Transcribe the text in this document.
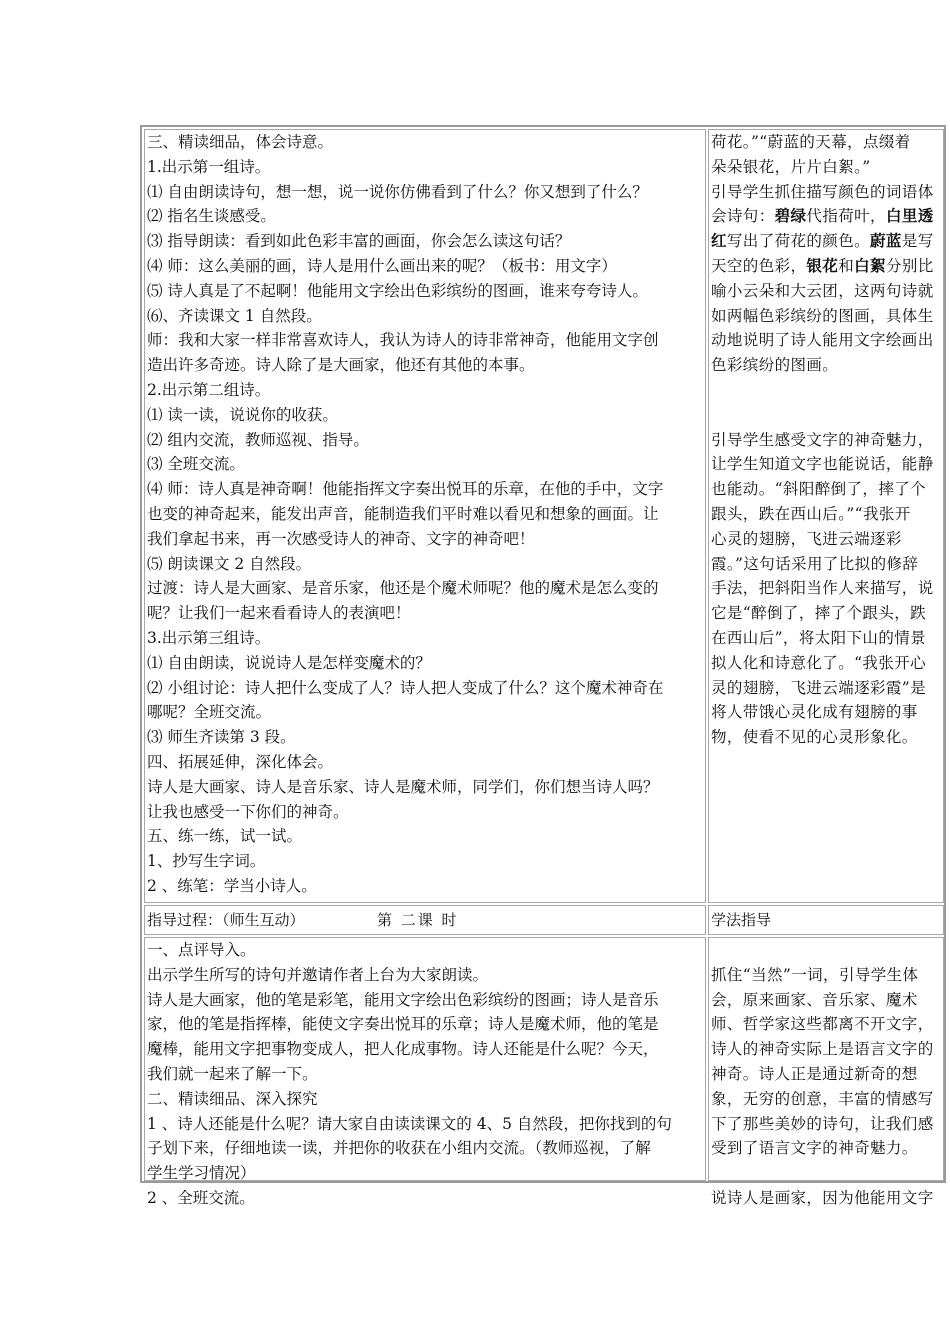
三、精读细品，体会诗意。
1.出示第一组诗。
⑴ 自由朗读诗句，想一想，说一说你仿佛看到了什么？你又想到了什么？
⑵ 指名生谈感受。
⑶ 指导朗读：看到如此色彩丰富的画面，你会怎么读这句话？
⑷ 师：这么美丽的画，诗人是用什么画出来的呢？（板书：用文字）
⑸ 诗人真是了不起啊！他能用文字绘出色彩缤纷的图画，谁来夸夸诗人。
⑹、齐读课文 1 自然段。
师：我和大家一样非常喜欢诗人，我认为诗人的诗非常神奇，他能用文字创
造出许多奇迹。诗人除了是大画家，他还有其他的本事。
2.出示第二组诗。
⑴ 读一读，说说你的收获。
⑵ 组内交流，教师巡视、指导。
⑶ 全班交流。
⑷ 师：诗人真是神奇啊！他能指挥文字奏出悦耳的乐章，在他的手中，文字
也变的神奇起来，能发出声音，能制造我们平时难以看见和想象的画面。让
我们拿起书来，再一次感受诗人的神奇、文字的神奇吧！
⑸ 朗读课文 2 自然段。
过渡：诗人是大画家、是音乐家，他还是个魔术师呢？他的魔术是怎么变的
呢？让我们一起来看看诗人的表演吧！
3.出示第三组诗。
⑴ 自由朗读，说说诗人是怎样变魔术的？
⑵ 小组讨论：诗人把什么变成了人？诗人把人变成了什么？这个魔术神奇在
哪呢？全班交流。
⑶ 师生齐读第 3 段。
四、拓展延伸，深化体会。
诗人是大画家、诗人是音乐家、诗人是魔术师，同学们，你们想当诗人吗？
让我也感受一下你们的神奇。
五、练一练，试一试。
1、抄写生字词。
2 、练笔：学当小诗人。
荷花。”“蔚蓝的天幕，点缀着
朵朵银花，片片白絮。”
引导学生抓住描写颜色的词语体
会诗句：碧绿代指荷叶，白里透
红写出了荷花的颜色。蔚蓝是写
天空的色彩，银花和白絮分别比
喻小云朵和大云团，这两句诗就
如两幅色彩缤纷的图画，具体生
动地说明了诗人能用文字绘画出
色彩缤纷的图画。
引导学生感受文字的神奇魅力，
让学生知道文字也能说话，能静
也能动。“斜阳醉倒了，摔了个
跟头，跌在西山后。”“我张开
心灵的翅膀，飞进云端逐彩
霞。”这句话采用了比拟的修辞
手法，把斜阳当作人来描写，说
它是“醉倒了，摔了个跟头，跌
在西山后”，将太阳下山的情景
拟人化和诗意化了。“我张开心
灵的翅膀，飞进云端逐彩霞”是
将人带饿心灵化成有翅膀的事
物，使看不见的心灵形象化。
指导过程：（师生互动）	第 二课 时	学法指导
一、点评导入。
出示学生所写的诗句并邀请作者上台为大家朗读。
诗人是大画家，他的笔是彩笔，能用文字绘出色彩缤纷的图画；诗人是音乐
家，他的笔是指挥棒，能使文字奏出悦耳的乐章；诗人是魔术师，他的笔是
魔棒，能用文字把事物变成人，把人化成事物。诗人还能是什么呢？今天，
我们就一起来了解一下。
二、精读细品、深入探究
1 、诗人还能是什么呢？请大家自由读读课文的 4、5 自然段，把你找到的句
子划下来，仔细地读一读，并把你的收获在小组内交流。（教师巡视，了解
学生学习情况）
2 、全班交流。
抓住“当然”一词，引导学生体
会，原来画家、音乐家、魔术
师、哲学家这些都离不开文字，
诗人的神奇实际上是语言文字的
神奇。诗人正是通过新奇的想
象，无穷的创意，丰富的情感写
下了那些美妙的诗句，让我们感
受到了语言文字的神奇魅力。
说诗人是画家，因为他能用文字
